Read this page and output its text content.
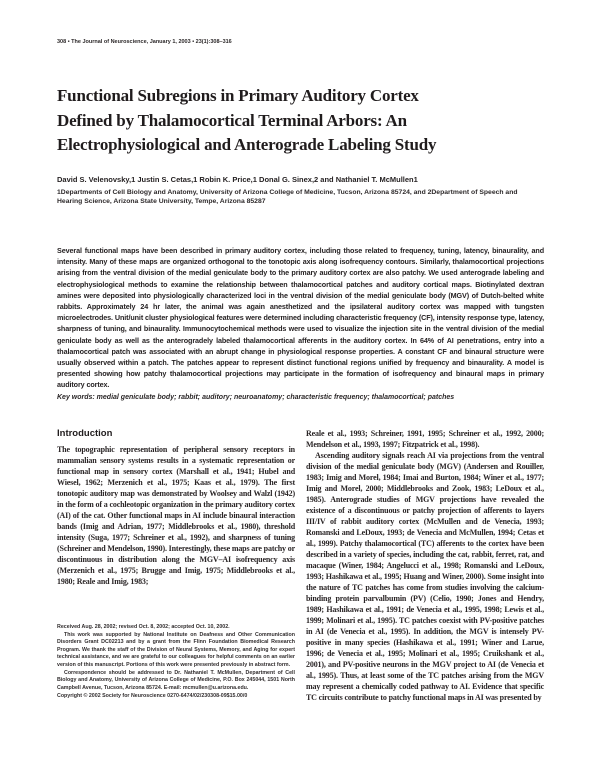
308 • The Journal of Neuroscience, January 1, 2003 • 23(1):308–316
Functional Subregions in Primary Auditory Cortex
Defined by Thalamocortical Terminal Arbors: An
Electrophysiological and Anterograde Labeling Study
David S. Velenovsky,1 Justin S. Cetas,1 Robin K. Price,1 Donal G. Sinex,2 and Nathaniel T. McMullen1
1Departments of Cell Biology and Anatomy, University of Arizona College of Medicine, Tucson, Arizona 85724, and 2Department of Speech and Hearing Science, Arizona State University, Tempe, Arizona 85287
Several functional maps have been described in primary auditory cortex, including those related to frequency, tuning, latency, binaurality, and intensity. Many of these maps are organized orthogonal to the tonotopic axis along isofrequency contours. Similarly, thalamocortical projections arising from the ventral division of the medial geniculate body to the primary auditory cortex are also patchy. We used anterograde labeling and electrophysiological methods to examine the relationship between thalamocortical patches and auditory cortical maps. Biotinylated dextran amines were deposited into physiologically characterized loci in the ventral division of the medial geniculate body (MGV) of Dutch-belted white rabbits. Approximately 24 hr later, the animal was again anesthetized and the ipsilateral auditory cortex was mapped with tungsten microelectrodes. Unit/unit cluster physiological features were determined including characteristic frequency (CF), intensity response type, latency, sharpness of tuning, and binaurality. Immunocytochemical methods were used to visualize the injection site in the ventral division of the medial geniculate body as well as the anterogradely labeled thalamocortical afferents in the auditory cortex. In 64% of AI penetrations, entry into a thalamocortical patch was associated with an abrupt change in physiological response properties. A constant CF and binaural structure were usually observed within a patch. The patches appear to represent distinct functional regions unified by frequency and binaurality. A model is presented showing how patchy thalamocortical projections may participate in the formation of isofrequency and binaural maps in primary auditory cortex.
Key words: medial geniculate body; rabbit; auditory; neuroanatomy; characteristic frequency; thalamocortical; patches
Introduction

The topographic representation of peripheral sensory receptors in mammalian sensory systems results in a systematic representation or functional map in sensory cortex (Marshall et al., 1941; Hubel and Wiesel, 1962; Merzenich et al., 1975; Kaas et al., 1979). The first tonotopic auditory map was demonstrated by Woolsey and Walzl (1942) in the form of a cochleotopic organization in the primary auditory cortex (AI) of the cat. Other functional maps in AI include binaural interaction bands (Imig and Adrian, 1977; Middlebrooks et al., 1980), threshold intensity (Suga, 1977; Schreiner et al., 1992), and sharpness of tuning (Schreiner and Mendelson, 1990). Interestingly, these maps are patchy or discontinuous in distribution along the MGV–AI isofrequency axis (Merzenich et al., 1975; Brugge and Imig, 1975; Middlebrooks et al., 1980; Reale and Imig, 1983;

Reale et al., 1993; Schreiner, 1991, 1995; Schreiner et al., 1992, 2000; Mendelson et al., 1993, 1997; Fitzpatrick et al., 1998).

Ascending auditory signals reach AI via projections from the ventral division of the medial geniculate body (MGV) (Andersen and Rouiller, 1983; Imig and Morel, 1984; Imai and Burton, 1984; Winer et al., 1977; Imig and Morel, 2000; Middlebrooks and Zook, 1983; LeDoux et al., 1985). Anterograde studies of MGV projections have revealed the existence of a discontinuous or patchy projection of afferents to layers III/IV of rabbit auditory cortex (McMullen and de Venecia, 1993; Romanski and LeDoux, 1993; de Venecia and McMullen, 1994; Cetas et al., 1999). Patchy thalamocortical (TC) afferents to the cortex have been described in a variety of species, including the cat, rabbit, ferret, rat, and macaque (Winer, 1984; Angelucci et al., 1998; Romanski and LeDoux, 1993; Hashikawa et al., 1995; Huang and Winer, 2000). Some insight into the nature of TC patches has come from studies involving the calcium-binding protein parvalbumin (PV) (Celio, 1990; Jones and Hendry, 1989; Hashikawa et al., 1991; de Venecia et al., 1995, 1998; Lewis et al., 1999; Molinari et al., 1995). TC patches coexist with PV-positive patches in AI (de Venecia et al., 1995). In addition, the MGV is intensely PV-positive in many species (Hashikawa et al., 1991; Winer and Larue, 1996; de Venecia et al., 1995; Molinari et al., 1995; Cruikshank et al., 2001), and PV-positive neurons in the MGV project to AI (de Venecia et al., 1995). Thus, at least some of the TC patches arising from the MGV may represent a chemically coded pathway to AI. Evidence that specific TC circuits contribute to patchy functional maps in AI was presented by

Received Aug. 28, 2002; revised Oct. 8, 2002; accepted Oct. 10, 2002.

This work was supported by National Institute on Deafness and Other Communication Disorders Grant DC02213 and by a grant from the Flinn Foundation Biomedical Research Program. We thank the staff of the Division of Neural Systems, Memory, and Aging for expert technical assistance, and we are grateful to our colleagues for helpful comments on an earlier version of this manuscript. Portions of this work were presented previously in abstract form.

Correspondence should be addressed to Dr. Nathaniel T. McMullen, Department of Cell Biology and Anatomy, University of Arizona College of Medicine, P.O. Box 245044, 1501 North Campbell Avenue, Tucson, Arizona 85724. E-mail: mcmullen@u.arizona.edu.

Copyright © 2002 Society for Neuroscience 0270-6474/02/230308-09$15.00/0
